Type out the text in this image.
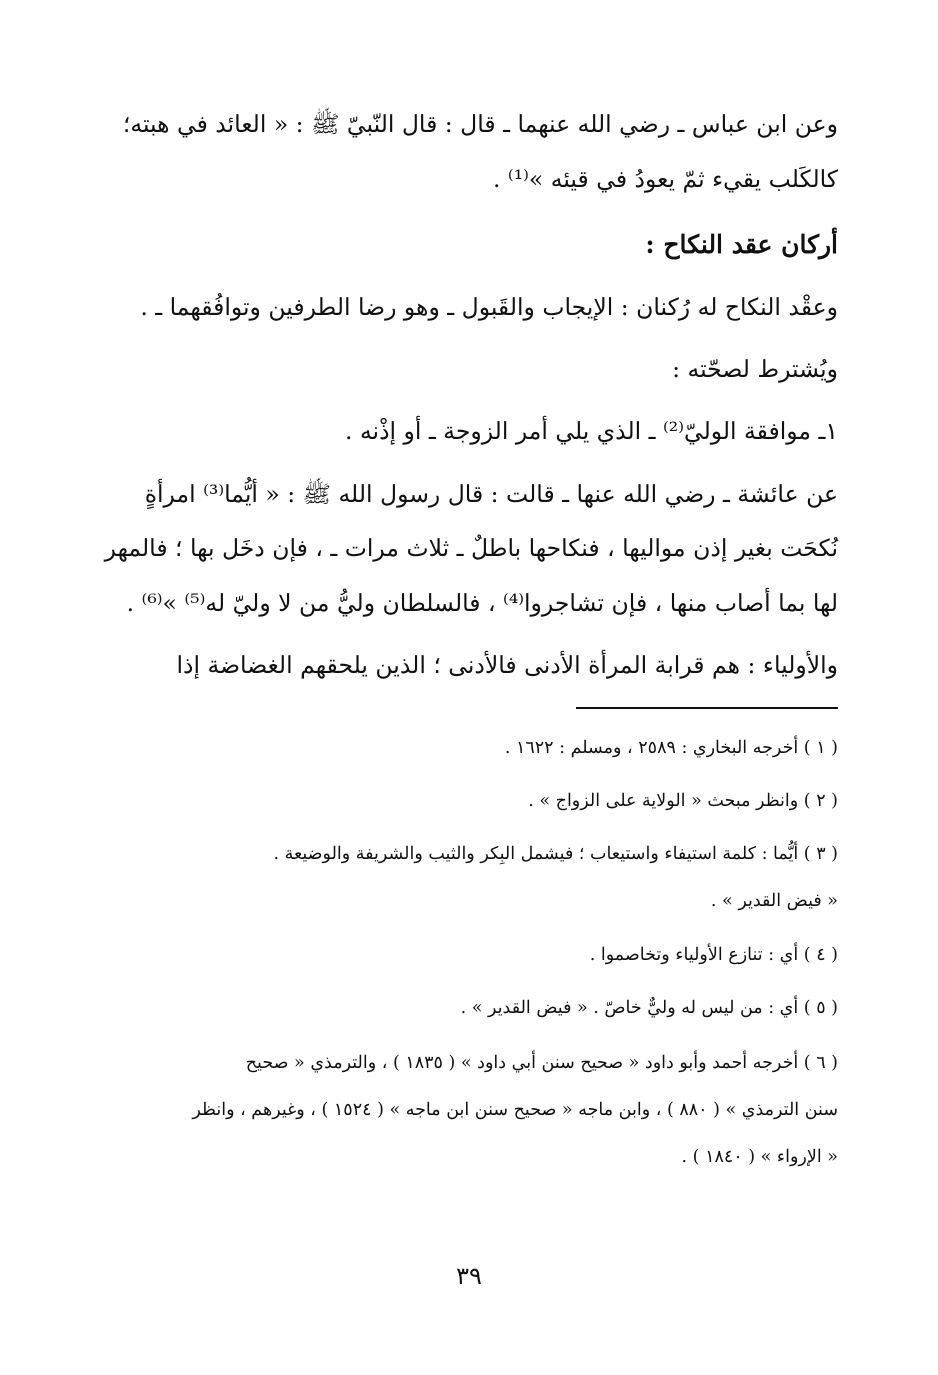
وعن ابن عباس ـ رضي الله عنهما ـ قال : قال النّبيّ ﷺ : « العائد في هبته؛
كالكَلب يقيء ثمّ يعودُ في قيئه »⁽¹⁾ .
أركان عقد النكاح :
وعقْد النكاح له رُكنان : الإيجاب والقَبول ـ وهو رضا الطرفين وتوافُقهما ـ .
ويُشترط لصحّته :
١ـ موافقة الوليّ⁽²⁾ ـ الذي يلي أمر الزوجة ـ أو إذْنه .
عن عائشة ـ رضي الله عنها ـ قالت : قال رسول الله ﷺ : « أيُّما⁽³⁾ امرأةٍ
نُكحَت بغير إذن مواليها ، فنكاحها باطلٌ ـ ثلاث مرات ـ ، فإن دخَل بها ؛ فالمهر
لها بما أصاب منها ، فإن تشاجروا⁽⁴⁾ ، فالسلطان وليُّ من لا وليّ له⁽⁵⁾ »⁽⁶⁾ .
والأولياء : هم قرابة المرأة الأدنى فالأدنى ؛ الذين يلحقهم الغضاضة إذا
( ١ ) أخرجه البخاري : ٢٥٨٩ ، ومسلم : ١٦٢٢ .
( ٢ ) وانظر مبحث « الولاية على الزواج » .
( ٣ ) أيُّما : كلمة استيفاء واستيعاب ؛ فيشمل البِكر والثيب والشريفة والوضيعة .
« فيض القدير » .
( ٤ ) أي : تنازع الأولياء وتخاصموا .
( ٥ ) أي : من ليس له وليٌّ خاصّ . « فيض القدير » .
( ٦ ) أخرجه أحمد وأبو داود « صحيح سنن أبي داود » ( ١٨٣٥ ) ، والترمذي « صحيح
سنن الترمذي » ( ٨٨٠ ) ، وابن ماجه « صحيح سنن ابن ماجه » ( ١٥٢٤ ) ، وغيرهم ، وانظر
« الإرواء » ( ١٨٤٠ ) .
٣٩
